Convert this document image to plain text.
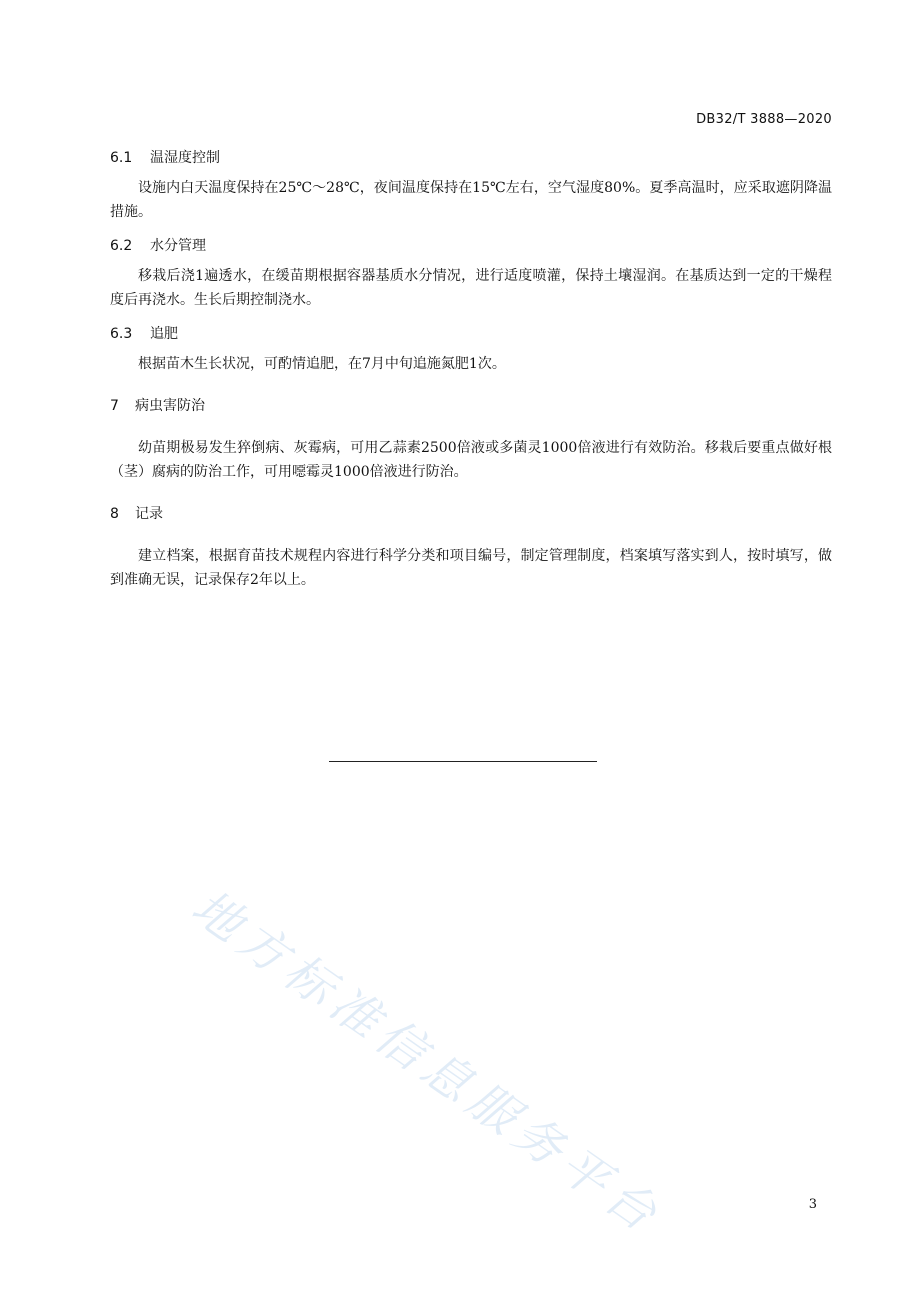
DB32/T 3888—2020
6.1	温湿度控制

设施内白天温度保持在25℃～28℃，夜间温度保持在15℃左右，空气湿度80%。夏季高温时，应采取遮阴降温措施。

6.2	水分管理

移栽后浇1遍透水，在缓苗期根据容器基质水分情况，进行适度喷灌，保持土壤湿润。在基质达到一定的干燥程度后再浇水。生长后期控制浇水。

6.3	追肥

根据苗木生长状况，可酌情追肥，在7月中旬追施氮肥1次。

7	病虫害防治

幼苗期极易发生猝倒病、灰霉病，可用乙蒜素2500倍液或多菌灵1000倍液进行有效防治。移栽后要重点做好根（茎）腐病的防治工作，可用噁霉灵1000倍液进行防治。

8	记录

建立档案，根据育苗技术规程内容进行科学分类和项目编号，制定管理制度，档案填写落实到人，按时填写，做到准确无误，记录保存2年以上。

地方标准信息服务平台	3
